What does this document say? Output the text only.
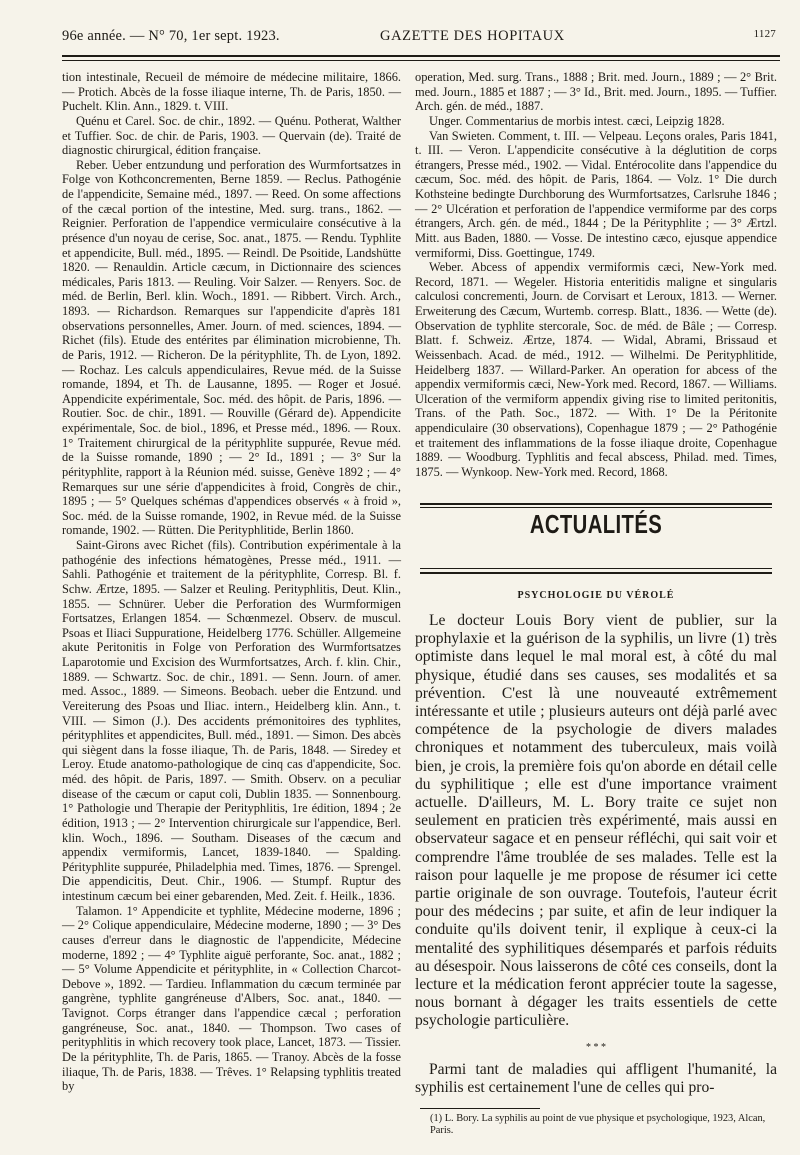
96e année. — N° 70, 1er sept. 1923.	GAZETTE DES HOPITAUX	1127

tion intestinale, Recueil de mémoire de médecine militaire, 1866. — Protich. Abcès de la fosse iliaque interne, Th. de Paris, 1850. — Puchelt. Klin. Ann., 1829. t. VIII.

Quénu et Carel. Soc. de chir., 1892. — Quénu. Potherat, Walther et Tuffier. Soc. de chir. de Paris, 1903. — Quervain (de). Traité de diagnostic chirurgical, édition française.

Reber. Ueber entzundung und perforation des Wurmfortsatzes in Folge von Kothconcrementen, Berne 1859. — Reclus. Pathogénie de l'appendicite, Semaine méd., 1897. — Reed. On some affections of the cæcal portion of the intestine, Med. surg. trans., 1862. — Reignier. Perforation de l'appendice vermiculaire consécutive à la présence d'un noyau de cerise, Soc. anat., 1875. — Rendu. Typhlite et appendicite, Bull. méd., 1895. — Reindl. De Psoitide, Landshütte 1820. — Renauldin. Article cæcum, in Dictionnaire des sciences médicales, Paris 1813. — Reuling. Voir Salzer. — Renyers. Soc. de méd. de Berlin, Berl. klin. Woch., 1891. — Ribbert. Virch. Arch., 1893. — Richardson. Remarques sur l'appendicite d'après 181 observations personnelles, Amer. Journ. of med. sciences, 1894. — Richet (fils). Etude des entérites par élimination microbienne, Th. de Paris, 1912. — Richeron. De la pérityphlite, Th. de Lyon, 1892. — Rochaz. Les calculs appendiculaires, Revue méd. de la Suisse romande, 1894, et Th. de Lausanne, 1895. — Roger et Josué. Appendicite expérimentale, Soc. méd. des hôpit. de Paris, 1896. — Routier. Soc. de chir., 1891. — Rouville (Gérard de). Appendicite expérimentale, Soc. de biol., 1896, et Presse méd., 1896. — Roux. 1° Traitement chirurgical de la pérityphlite suppurée, Revue méd. de la Suisse romande, 1890 ; — 2° Id., 1891 ; — 3° Sur la pérityphlite, rapport à la Réunion méd. suisse, Genève 1892 ; — 4° Remarques sur une série d'appendicites à froid, Congrès de chir., 1895 ; — 5° Quelques schémas d'appendices observés « à froid », Soc. méd. de la Suisse romande, 1902, in Revue méd. de la Suisse romande, 1902. — Rütten. Die Perityphlitide, Berlin 1860.

Saint-Girons avec Richet (fils). Contribution expérimentale à la pathogénie des infections hématogènes, Presse méd., 1911. — Sahli. Pathogénie et traitement de la pérityphlite, Corresp. Bl. f. Schw. Ærtze, 1895. — Salzer et Reuling. Perityphlitis, Deut. Klin., 1855. — Schnürer. Ueber die Perforation des Wurmformigen Fortsatzes, Erlangen 1854. — Schœnmezel. Observ. de muscul. Psoas et Iliaci Suppuratione, Heidelberg 1776. Schüller. Allgemeine akute Peritonitis in Folge von Perforation des Wurmfortsatzes Laparotomie und Excision des Wurmfortsatzes, Arch. f. klin. Chir., 1889. — Schwartz. Soc. de chir., 1891. — Senn. Journ. of amer. med. Assoc., 1889. — Simeons. Beobach. ueber die Entzund. und Vereiterung des Psoas und Iliac. intern., Heidelberg klin. Ann., t. VIII. — Simon (J.). Des accidents prémonitoires des typhlites, pérityphlites et appendicites, Bull. méd., 1891. — Simon. Des abcès qui siègent dans la fosse iliaque, Th. de Paris, 1848. — Siredey et Leroy. Etude anatomo-pathologique de cinq cas d'appendicite, Soc. méd. des hôpit. de Paris, 1897. — Smith. Observ. on a peculiar disease of the cæcum or caput coli, Dublin 1835. — Sonnenbourg. 1° Pathologie und Therapie der Perityphlitis, 1re édition, 1894 ; 2e édition, 1913 ; — 2° Intervention chirurgicale sur l'appendice, Berl. klin. Woch., 1896. — Southam. Diseases of the cæcum and appendix vermiformis, Lancet, 1839-1840. — Spalding. Pérityphlite suppurée, Philadelphia med. Times, 1876. — Sprengel. Die appendicitis, Deut. Chir., 1906. — Stumpf. Ruptur des intestinum cæcum bei einer gebarenden, Med. Zeit. f. Heilk., 1836.

Talamon. 1° Appendicite et typhlite, Médecine moderne, 1896 ; — 2° Colique appendiculaire, Médecine moderne, 1890 ; — 3° Des causes d'erreur dans le diagnostic de l'appendicite, Médecine moderne, 1892 ; — 4° Typhlite aiguë perforante, Soc. anat., 1882 ; — 5° Volume Appendicite et pérityphlite, in « Collection Charcot-Debove », 1892. — Tardieu. Inflammation du cæcum terminée par gangrène, typhlite gangréneuse d'Albers, Soc. anat., 1840. — Tavignot. Corps étranger dans l'appendice cæcal ; perforation gangréneuse, Soc. anat., 1840. — Thompson. Two cases of perityphlitis in which recovery took place, Lancet, 1873. — Tissier. De la pérityphlite, Th. de Paris, 1865. — Tranoy. Abcès de la fosse iliaque, Th. de Paris, 1838. — Trêves. 1° Relapsing typhlitis treated by

operation, Med. surg. Trans., 1888 ; Brit. med. Journ., 1889 ; — 2° Brit. med. Journ., 1885 et 1887 ; — 3° Id., Brit. med. Journ., 1895. — Tuffier. Arch. gén. de méd., 1887.

Unger. Commentarius de morbis intest. cæci, Leipzig 1828.

Van Swieten. Comment, t. III. — Velpeau. Leçons orales, Paris 1841, t. III. — Veron. L'appendicite consécutive à la déglutition de corps étrangers, Presse méd., 1902. — Vidal. Entérocolite dans l'appendice du cæcum, Soc. méd. des hôpit. de Paris, 1864. — Volz. 1° Die durch Kothsteine bedingte Durchborung des Wurmfortsatzes, Carlsruhe 1846 ; — 2° Ulcération et perforation de l'appendice vermiforme par des corps étrangers, Arch. gén. de méd., 1844 ; De la Pérityphlite ; — 3° Ærtzl. Mitt. aus Baden, 1880. — Vosse. De intestino cæco, ejusque appendice vermiformi, Diss. Goettingue, 1749.

Weber. Abcess of appendix vermiformis cæci, New-York med. Record, 1871. — Wegeler. Historia enteritidis maligne et singularis calculosi concrementi, Journ. de Corvisart et Leroux, 1813. — Werner. Erweiterung des Cæcum, Wurtemb. corresp. Blatt., 1836. — Wette (de). Observation de typhlite stercorale, Soc. de méd. de Bâle ; — Corresp. Blatt. f. Schweiz. Ærtze, 1874. — Widal, Abrami, Brissaud et Weissenbach. Acad. de méd., 1912. — Wilhelmi. De Perityphlitide, Heidelberg 1837. — Willard-Parker. An operation for abcess of the appendix vermiformis cæci, New-York med. Record, 1867. — Williams. Ulceration of the vermiform appendix giving rise to limited peritonitis, Trans. of the Path. Soc., 1872. — With. 1° De la Péritonite appendiculaire (30 observations), Copenhague 1879 ; — 2° Pathogénie et traitement des inflammations de la fosse iliaque droite, Copenhague 1889. — Woodburg. Typhlitis and fecal abscess, Philad. med. Times, 1875. — Wynkoop. New-York med. Record, 1868.

ACTUALITÉS
PSYCHOLOGIE DU VÉROLÉ

Le docteur Louis Bory vient de publier, sur la prophylaxie et la guérison de la syphilis, un livre (1) très optimiste dans lequel le mal moral est, à côté du mal physique, étudié dans ses causes, ses modalités et sa prévention. C'est là une nouveauté extrêmement intéressante et utile ; plusieurs auteurs ont déjà parlé avec compétence de la psychologie de divers malades chroniques et notamment des tuberculeux, mais voilà bien, je crois, la première fois qu'on aborde en détail celle du syphilitique ; elle est d'une importance vraiment actuelle. D'ailleurs, M. L. Bory traite ce sujet non seulement en praticien très expérimenté, mais aussi en observateur sagace et en penseur réfléchi, qui sait voir et comprendre l'âme troublée de ses malades. Telle est la raison pour laquelle je me propose de résumer ici cette partie originale de son ouvrage. Toutefois, l'auteur écrit pour des médecins ; par suite, et afin de leur indiquer la conduite qu'ils doivent tenir, il explique à ceux-ci la mentalité des syphilitiques désemparés et parfois réduits au désespoir. Nous laisserons de côté ces conseils, dont la lecture et la médication feront apprécier toute la sagesse, nous bornant à dégager les traits essentiels de cette psychologie particulière.

* * *

Parmi tant de maladies qui affligent l'humanité, la syphilis est certainement l'une de celles qui pro-

(1) L. Bory. La syphilis au point de vue physique et psychologique, 1923, Alcan, Paris.
